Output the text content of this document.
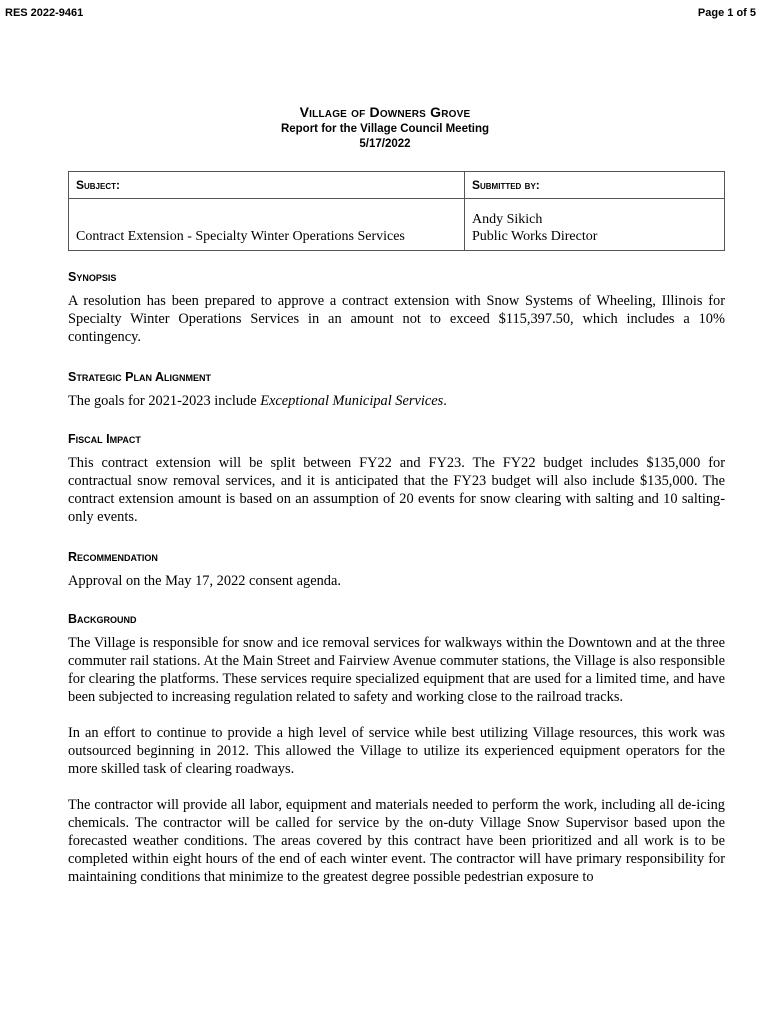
RES 2022-9461	Page 1 of 5
Village of Downers Grove
Report for the Village Council Meeting
5/17/2022
Subject:	Submitted by:
Contract Extension - Specialty Winter Operations Services	Andy Sikich
Public Works Director
Synopsis

A resolution has been prepared to approve a contract extension with Snow Systems of Wheeling, Illinois for Specialty Winter Operations Services in an amount not to exceed $115,397.50, which includes a 10% contingency.

Strategic Plan Alignment

The goals for 2021-2023 include Exceptional Municipal Services.

Fiscal Impact

This contract extension will be split between FY22 and FY23. The FY22 budget includes $135,000 for contractual snow removal services, and it is anticipated that the FY23 budget will also include $135,000. The contract extension amount is based on an assumption of 20 events for snow clearing with salting and 10 salting-only events.

Recommendation

Approval on the May 17, 2022 consent agenda.

Background

The Village is responsible for snow and ice removal services for walkways within the Downtown and at the three commuter rail stations. At the Main Street and Fairview Avenue commuter stations, the Village is also responsible for clearing the platforms. These services require specialized equipment that are used for a limited time, and have been subjected to increasing regulation related to safety and working close to the railroad tracks.

In an effort to continue to provide a high level of service while best utilizing Village resources, this work was outsourced beginning in 2012. This allowed the Village to utilize its experienced equipment operators for the more skilled task of clearing roadways.

The contractor will provide all labor, equipment and materials needed to perform the work, including all de-icing chemicals. The contractor will be called for service by the on-duty Village Snow Supervisor based upon the forecasted weather conditions. The areas covered by this contract have been prioritized and all work is to be completed within eight hours of the end of each winter event. The contractor will have primary responsibility for maintaining conditions that minimize to the greatest degree possible pedestrian exposure to
